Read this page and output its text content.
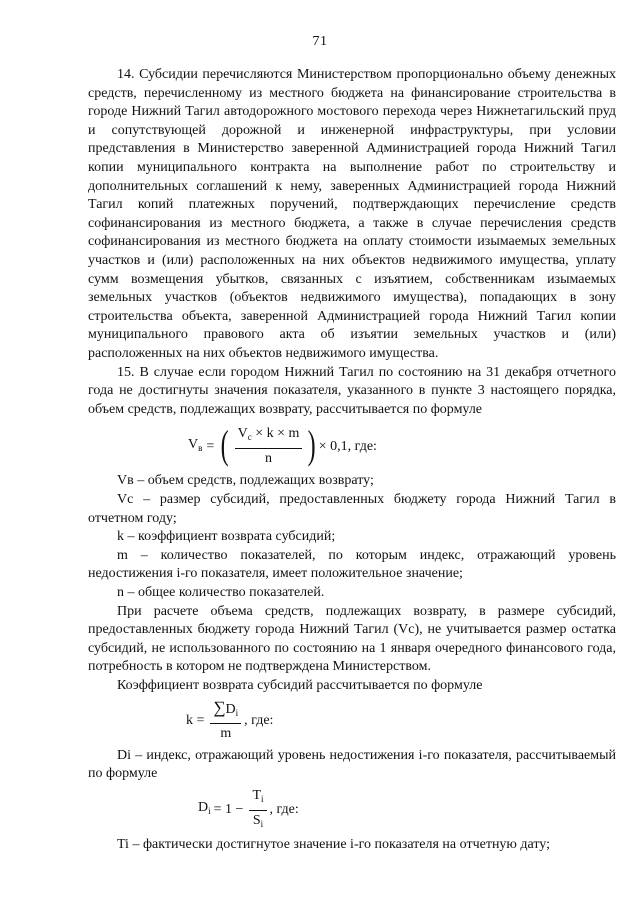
71

14. Субсидии перечисляются Министерством пропорционально объему денежных средств, перечисленному из местного бюджета на финансирование строительства в городе Нижний Тагил автодорожного мостового перехода через Нижнетагильский пруд и сопутствующей дорожной и инженерной инфраструктуры, при условии представления в Министерство заверенной Администрацией города Нижний Тагил копии муниципального контракта на выполнение работ по строительству и дополнительных соглашений к нему, заверенных Администрацией города Нижний Тагил копий платежных поручений, подтверждающих перечисление средств софинансирования из местного бюджета, а также в случае перечисления средств софинансирования из местного бюджета на оплату стоимости изымаемых земельных участков и (или) расположенных на них объектов недвижимого имущества, уплату сумм возмещения убытков, связанных с изъятием, собственникам изымаемых земельных участков (объектов недвижимого имущества), попадающих в зону строительства объекта, заверенной Администрацией города Нижний Тагил копии муниципального правового акта об изъятии земельных участков и (или) расположенных на них объектов недвижимого имущества.

15. В случае если городом Нижний Тагил по состоянию на 31 декабря отчетного года не достигнуты значения показателя, указанного в пункте 3 настоящего порядка, объем средств, подлежащих возврату, рассчитывается по формуле

$V_в$ = ( $\frac{V_с \times k \times m}{n}$ ) × 0,1, где:

Vв – объем средств, подлежащих возврату;

Vс – размер субсидий, предоставленных бюджету города Нижний Тагил в отчетном году;

k – коэффициент возврата субсидий;

m – количество показателей, по которым индекс, отражающий уровень недостижения i-го показателя, имеет положительное значение;

n – общее количество показателей.

При расчете объема средств, подлежащих возврату, в размере субсидий, предоставленных бюджету города Нижний Тагил (Vс), не учитывается размер остатка субсидий, не использованного по состоянию на 1 января очередного финансового года, потребность в котором не подтверждена Министерством.

Коэффициент возврата субсидий рассчитывается по формуле

$k = \frac{\sum D_i}{m}$ , где:

Di – индекс, отражающий уровень недостижения i-го показателя, рассчитываемый по формуле

$D_i = 1 - \frac{T_i}{S_i}$ , где:

Ti – фактически достигнутое значение i-го показателя на отчетную дату;
